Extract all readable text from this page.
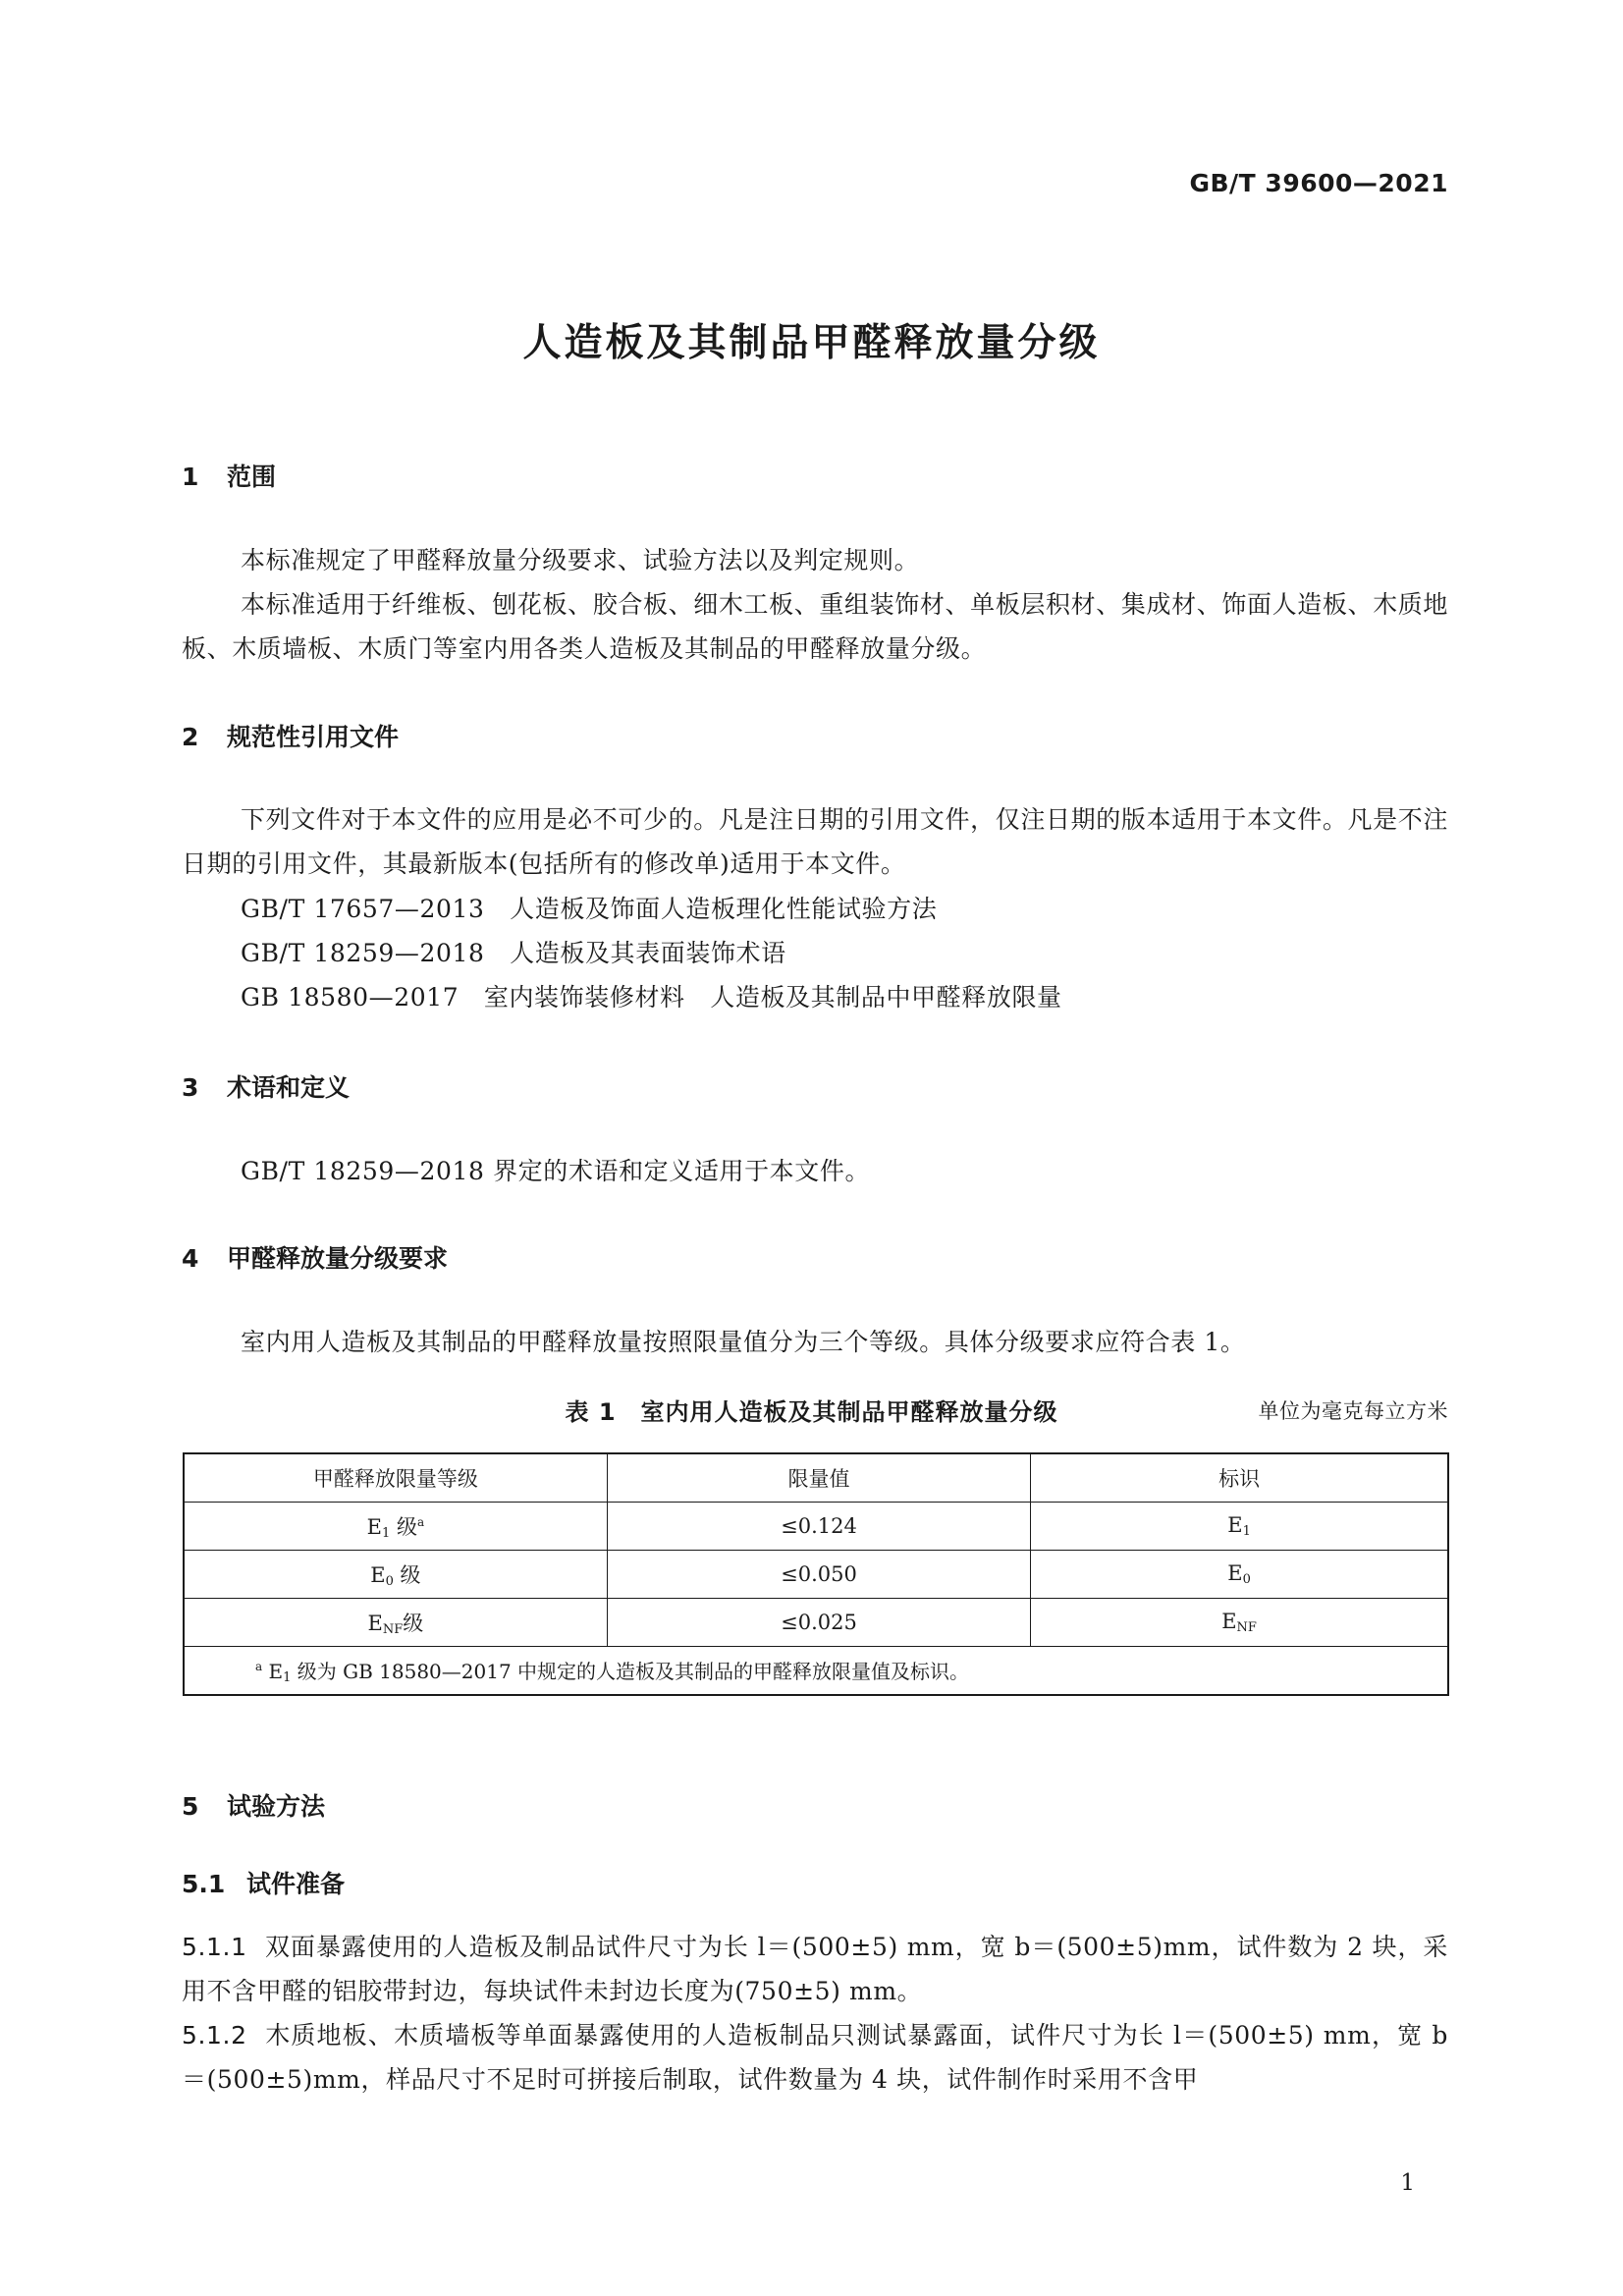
GB/T 39600—2021
人造板及其制品甲醛释放量分级
1 范围
本标准规定了甲醛释放量分级要求、试验方法以及判定规则。
本标准适用于纤维板、刨花板、胶合板、细木工板、重组装饰材、单板层积材、集成材、饰面人造板、木质地板、木质墙板、木质门等室内用各类人造板及其制品的甲醛释放量分级。
2 规范性引用文件
下列文件对于本文件的应用是必不可少的。凡是注日期的引用文件，仅注日期的版本适用于本文件。凡是不注日期的引用文件，其最新版本(包括所有的修改单)适用于本文件。
GB/T 17657—2013　人造板及饰面人造板理化性能试验方法
GB/T 18259—2018　人造板及其表面装饰术语
GB 18580—2017　室内装饰装修材料　人造板及其制品中甲醛释放限量
3 术语和定义
GB/T 18259—2018 界定的术语和定义适用于本文件。
4 甲醛释放量分级要求
室内用人造板及其制品的甲醛释放量按照限量值分为三个等级。具体分级要求应符合表 1。
表 1　室内用人造板及其制品甲醛释放量分级	单位为毫克每立方米
甲醛释放限量等级	限量值	标识
$E_1$ 级$^a$	≤0.124	$E_1$
$E_0$ 级	≤0.050	$E_0$
$E_{NF}$级	≤0.025	$E_{NF}$
$^a$ $E_1$ 级为 GB 18580—2017 中规定的人造板及其制品的甲醛释放限量值及标识。		
5 试验方法
5.1 试件准备
5.1.1 双面暴露使用的人造板及制品试件尺寸为长 l＝(500±5) mm，宽 b＝(500±5)mm，试件数为 2 块，采用不含甲醛的铝胶带封边，每块试件未封边长度为(750±5) mm。
5.1.2 木质地板、木质墙板等单面暴露使用的人造板制品只测试暴露面，试件尺寸为长 l＝(500±5) mm，宽 b＝(500±5)mm，样品尺寸不足时可拼接后制取，试件数量为 4 块，试件制作时采用不含甲
1
